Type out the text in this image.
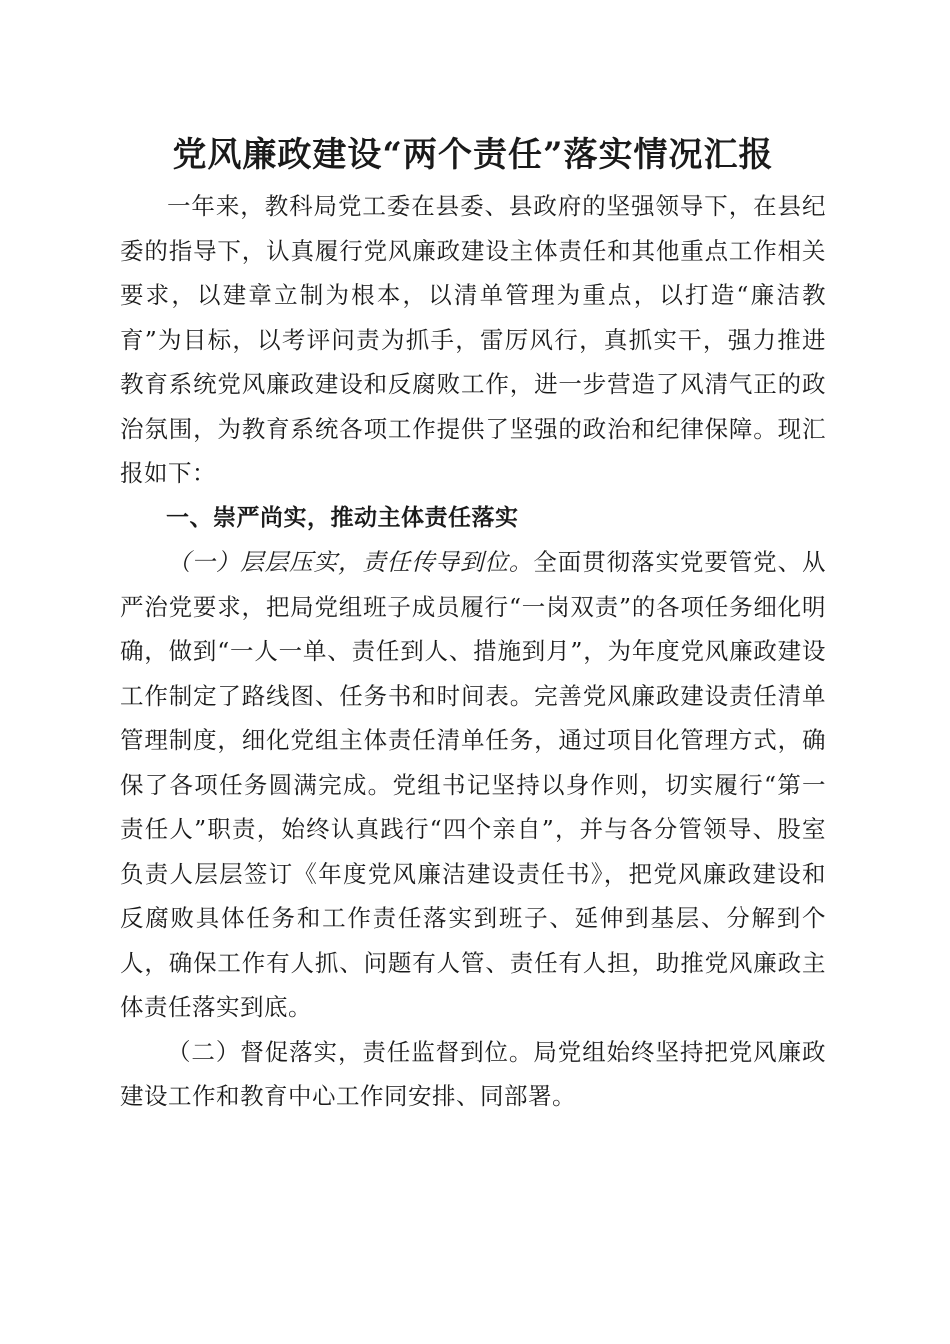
党风廉政建设“两个责任”落实情况汇报

一年来，教科局党工委在县委、县政府的坚强领导下，在县纪委的指导下，认真履行党风廉政建设主体责任和其他重点工作相关要求，以建章立制为根本，以清单管理为重点，以打造“廉洁教育”为目标，以考评问责为抓手，雷厉风行，真抓实干，强力推进教育系统党风廉政建设和反腐败工作，进一步营造了风清气正的政治氛围，为教育系统各项工作提供了坚强的政治和纪律保障。现汇报如下：

一、崇严尚实，推动主体责任落实

（一）层层压实，责任传导到位。全面贯彻落实党要管党、从严治党要求，把局党组班子成员履行“一岗双责”的各项任务细化明确，做到“一人一单、责任到人、措施到月”，为年度党风廉政建设工作制定了路线图、任务书和时间表。完善党风廉政建设责任清单管理制度，细化党组主体责任清单任务，通过项目化管理方式，确保了各项任务圆满完成。党组书记坚持以身作则，切实履行“第一责任人”职责，始终认真践行“四个亲自”，并与各分管领导、股室负责人层层签订《年度党风廉洁建设责任书》，把党风廉政建设和反腐败具体任务和工作责任落实到班子、延伸到基层、分解到个人，确保工作有人抓、问题有人管、责任有人担，助推党风廉政主体责任落实到底。

（二）督促落实，责任监督到位。局党组始终坚持把党风廉政建设工作和教育中心工作同安排、同部署。
